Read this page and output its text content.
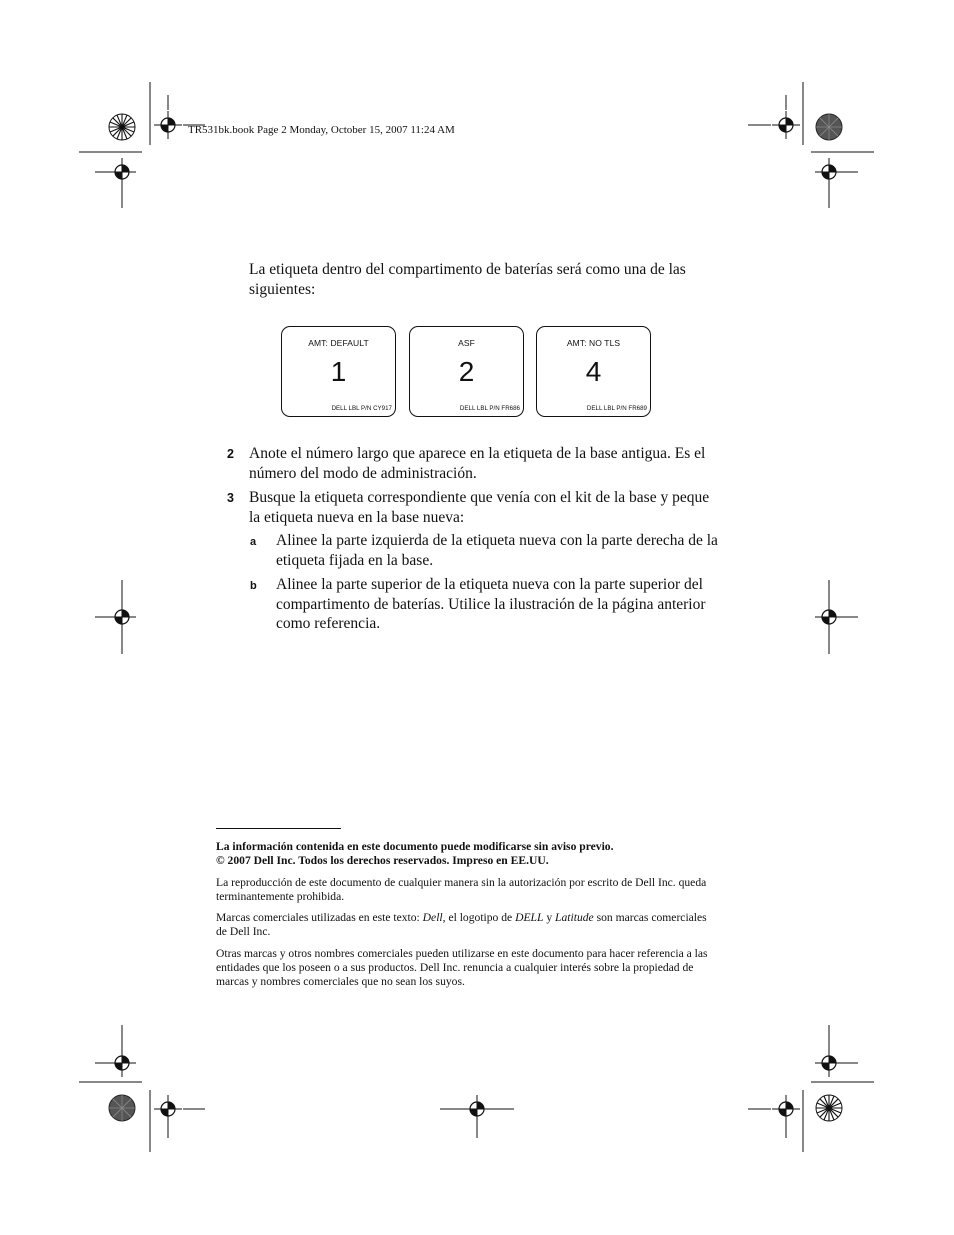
TR531bk.book Page 2 Monday, October 15, 2007 11:24 AM
La etiqueta dentro del compartimento de baterías será como una de las siguientes:
AMT: DEFAULT
1
DELL LBL P/N CY917
ASF
2
DELL LBL P/N FR686
AMT: NO TLS
4
DELL LBL P/N FR689
2 Anote el número largo que aparece en la etiqueta de la base antigua. Es el número del modo de administración.
3 Busque la etiqueta correspondiente que venía con el kit de la base y peque la etiqueta nueva en la base nueva:
a Alinee la parte izquierda de la etiqueta nueva con la parte derecha de la etiqueta fijada en la base.
b Alinee la parte superior de la etiqueta nueva con la parte superior del compartimento de baterías. Utilice la ilustración de la página anterior como referencia.

La información contenida en este documento puede modificarse sin aviso previo.

© 2007 Dell Inc. Todos los derechos reservados. Impreso en EE.UU.

La reproducción de este documento de cualquier manera sin la autorización por escrito de Dell Inc. queda terminantemente prohibida.

Marcas comerciales utilizadas en este texto: Dell, el logotipo de DELL y Latitude son marcas comerciales de Dell Inc.

Otras marcas y otros nombres comerciales pueden utilizarse en este documento para hacer referencia a las entidades que los poseen o a sus productos. Dell Inc. renuncia a cualquier interés sobre la propiedad de marcas y nombres comerciales que no sean los suyos.
